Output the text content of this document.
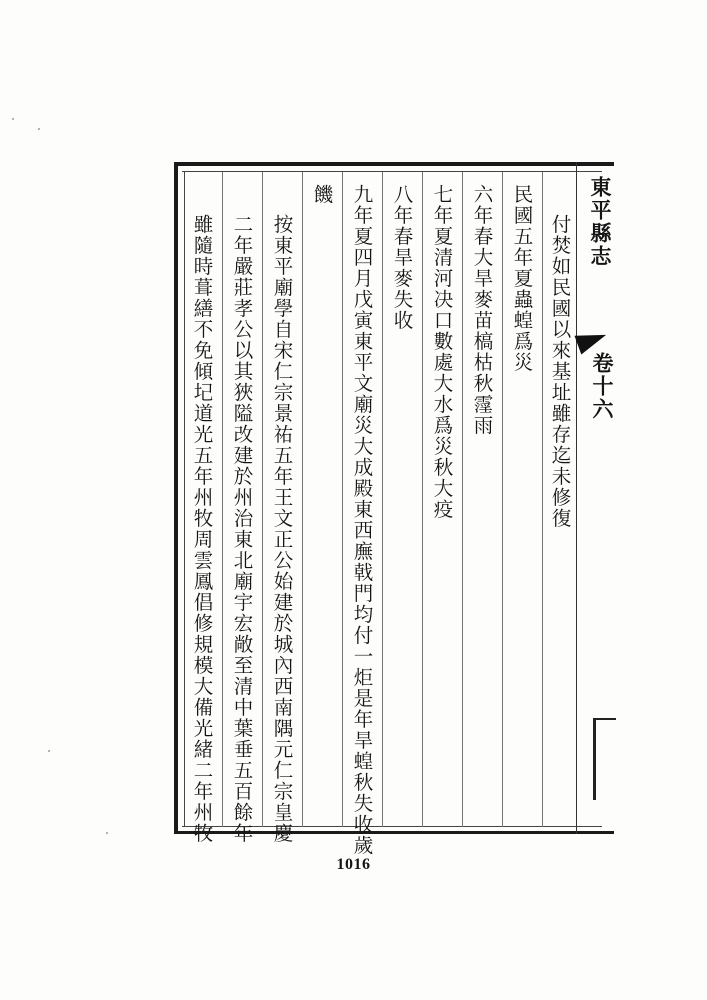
付焚如民國以來基址雖存迄未修復
民國五年夏蟲蝗爲災
六年春大旱麥苗槁枯秋霪雨
七年夏清河决口數處大水爲災秋大疫
八年春旱麥失收
九年夏四月戊寅東平文廟災大成殿東西廡戟門均付一炬是年旱蝗秋失收歲
饑
按東平廟學自宋仁宗景祐五年王文正公始建於城內西南隅元仁宗皇慶
二年嚴莊孝公以其狹隘改建於州治東北廟宇宏敞至清中葉垂五百餘年
雖隨時葺繕不免傾圮道光五年州牧周雲鳳倡修規模大備光緒二年州牧	東平縣志
卷十六
1016
